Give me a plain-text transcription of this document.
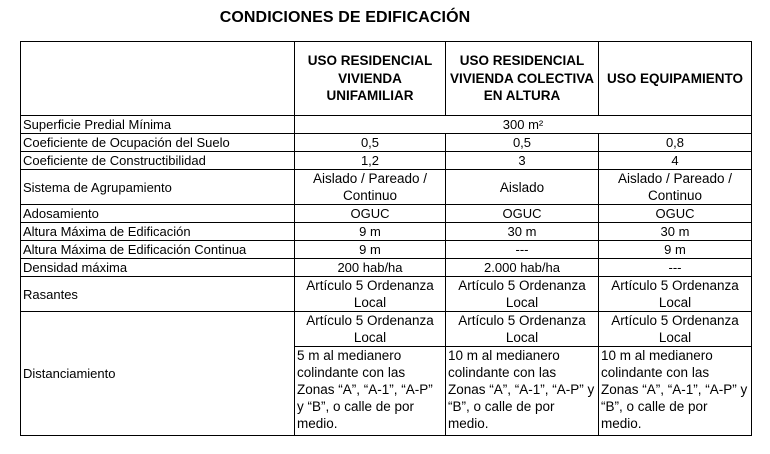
CONDICIONES DE EDIFICACIÓN
	USO RESIDENCIAL VIVIENDA UNIFAMILIAR	USO RESIDENCIAL VIVIENDA COLECTIVA EN ALTURA	USO EQUIPAMIENTO
Superficie Predial Mínima	300 m²		
Coeficiente de Ocupación del Suelo	0,5	0,5	0,8
Coeficiente de Constructibilidad	1,2	3	4
Sistema de Agrupamiento	Aislado / Pareado / Continuo	Aislado	Aislado / Pareado / Continuo
Adosamiento	OGUC	OGUC	OGUC
Altura Máxima de Edificación	9 m	30 m	30 m
Altura Máxima de Edificación Continua	9 m	---	9 m
Densidad máxima	200 hab/ha	2.000 hab/ha	---
Rasantes	Artículo 5 Ordenanza Local	Artículo 5 Ordenanza Local	Artículo 5 Ordenanza Local
Distanciamiento	Artículo 5 Ordenanza Local	Artículo 5 Ordenanza Local	Artículo 5 Ordenanza Local
	5 m al medianero colindante con las Zonas “A”, “A-1”, “A-P” y “B”, o calle de por medio.	10 m al medianero colindante con las Zonas “A”, “A-1”, “A-P” y “B”, o calle de por medio.	10 m al medianero colindante con las Zonas “A”, “A-1”, “A-P” y “B”, o calle de por medio.
